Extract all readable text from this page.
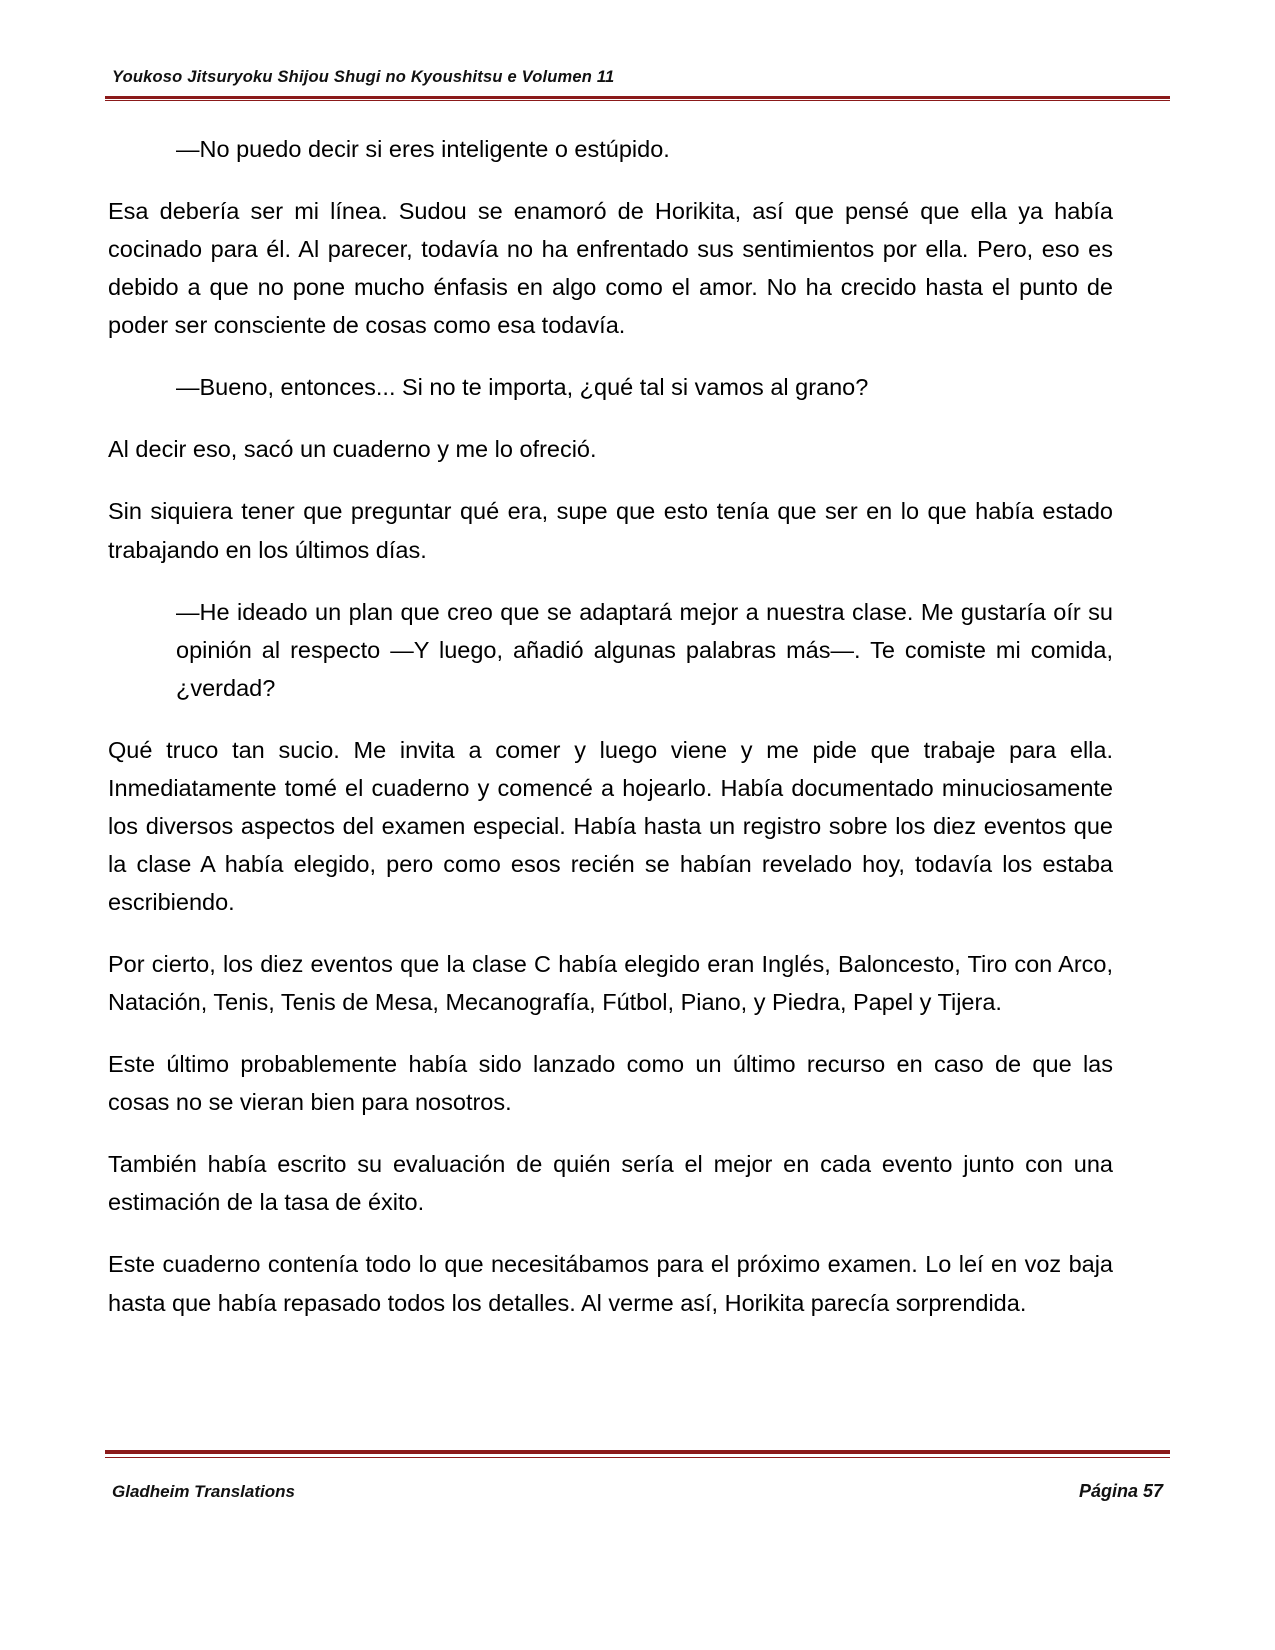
Youkoso Jitsuryoku Shijou Shugi no Kyoushitsu e Volumen 11

—No puedo decir si eres inteligente o estúpido.

Esa debería ser mi línea. Sudou se enamoró de Horikita, así que pensé que ella ya había cocinado para él. Al parecer, todavía no ha enfrentado sus sentimientos por ella. Pero, eso es debido a que no pone mucho énfasis en algo como el amor. No ha crecido hasta el punto de poder ser consciente de cosas como esa todavía.

—Bueno, entonces... Si no te importa, ¿qué tal si vamos al grano?

Al decir eso, sacó un cuaderno y me lo ofreció.

Sin siquiera tener que preguntar qué era, supe que esto tenía que ser en lo que había estado trabajando en los últimos días.

—He ideado un plan que creo que se adaptará mejor a nuestra clase. Me gustaría oír su opinión al respecto —Y luego, añadió algunas palabras más—. Te comiste mi comida, ¿verdad?

Qué truco tan sucio. Me invita a comer y luego viene y me pide que trabaje para ella. Inmediatamente tomé el cuaderno y comencé a hojearlo. Había documentado minuciosamente los diversos aspectos del examen especial. Había hasta un registro sobre los diez eventos que la clase A había elegido, pero como esos recién se habían revelado hoy, todavía los estaba escribiendo.

Por cierto, los diez eventos que la clase C había elegido eran Inglés, Baloncesto, Tiro con Arco, Natación, Tenis, Tenis de Mesa, Mecanografía, Fútbol, Piano, y Piedra, Papel y Tijera.

Este último probablemente había sido lanzado como un último recurso en caso de que las cosas no se vieran bien para nosotros.

También había escrito su evaluación de quién sería el mejor en cada evento junto con una estimación de la tasa de éxito.

Este cuaderno contenía todo lo que necesitábamos para el próximo examen. Lo leí en voz baja hasta que había repasado todos los detalles. Al verme así, Horikita parecía sorprendida.

Gladheim Translations	Página 57
